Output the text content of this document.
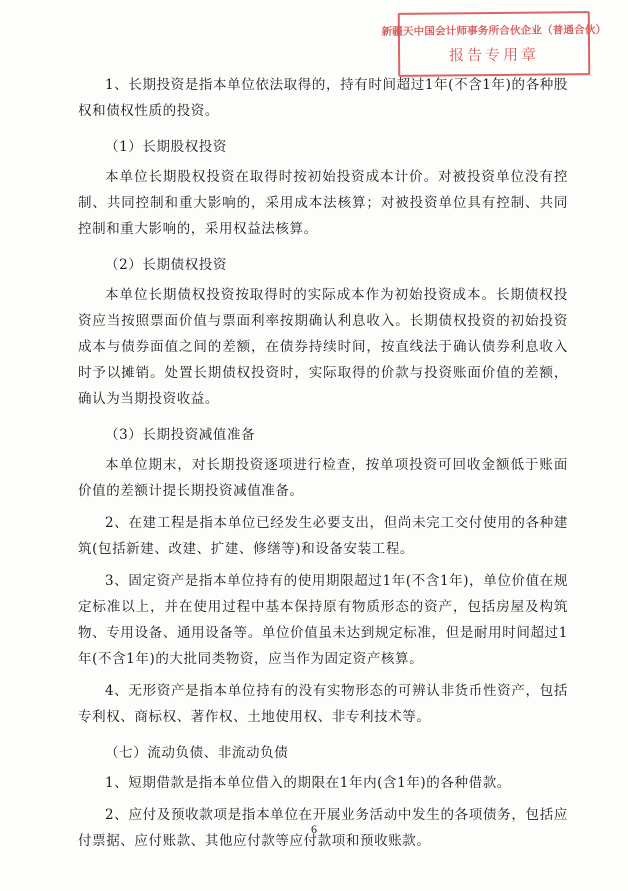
新疆天中国会计师事务所合伙企业（普通合伙）
报告专用章

1、长期投资是指本单位依法取得的，持有时间超过1年(不含1年)的各种股权和债权性质的投资。

（1）长期股权投资

本单位长期股权投资在取得时按初始投资成本计价。对被投资单位没有控制、共同控制和重大影响的，采用成本法核算；对被投资单位具有控制、共同控制和重大影响的，采用权益法核算。

（2）长期债权投资

本单位长期债权投资按取得时的实际成本作为初始投资成本。长期债权投资应当按照票面价值与票面利率按期确认利息收入。长期债权投资的初始投资成本与债券面值之间的差额，在债券持续时间，按直线法于确认债券利息收入时予以摊销。处置长期债权投资时，实际取得的价款与投资账面价值的差额，确认为当期投资收益。

（3）长期投资减值准备

本单位期末，对长期投资逐项进行检查，按单项投资可回收金额低于账面价值的差额计提长期投资减值准备。

2、在建工程是指本单位已经发生必要支出，但尚未完工交付使用的各种建筑(包括新建、改建、扩建、修缮等)和设备安装工程。

3、固定资产是指本单位持有的使用期限超过1年(不含1年)，单位价值在规定标准以上，并在使用过程中基本保持原有物质形态的资产，包括房屋及构筑物、专用设备、通用设备等。单位价值虽未达到规定标准，但是耐用时间超过1年(不含1年)的大批同类物资，应当作为固定资产核算。

4、无形资产是指本单位持有的没有实物形态的可辨认非货币性资产，包括专利权、商标权、著作权、土地使用权、非专利技术等。

（七）流动负债、非流动负债

1、短期借款是指本单位借入的期限在1年内(含1年)的各种借款。

2、应付及预收款项是指本单位在开展业务活动中发生的各项债务，包括应付票据、应付账款、其他应付款等应付款项和预收账款。

6
